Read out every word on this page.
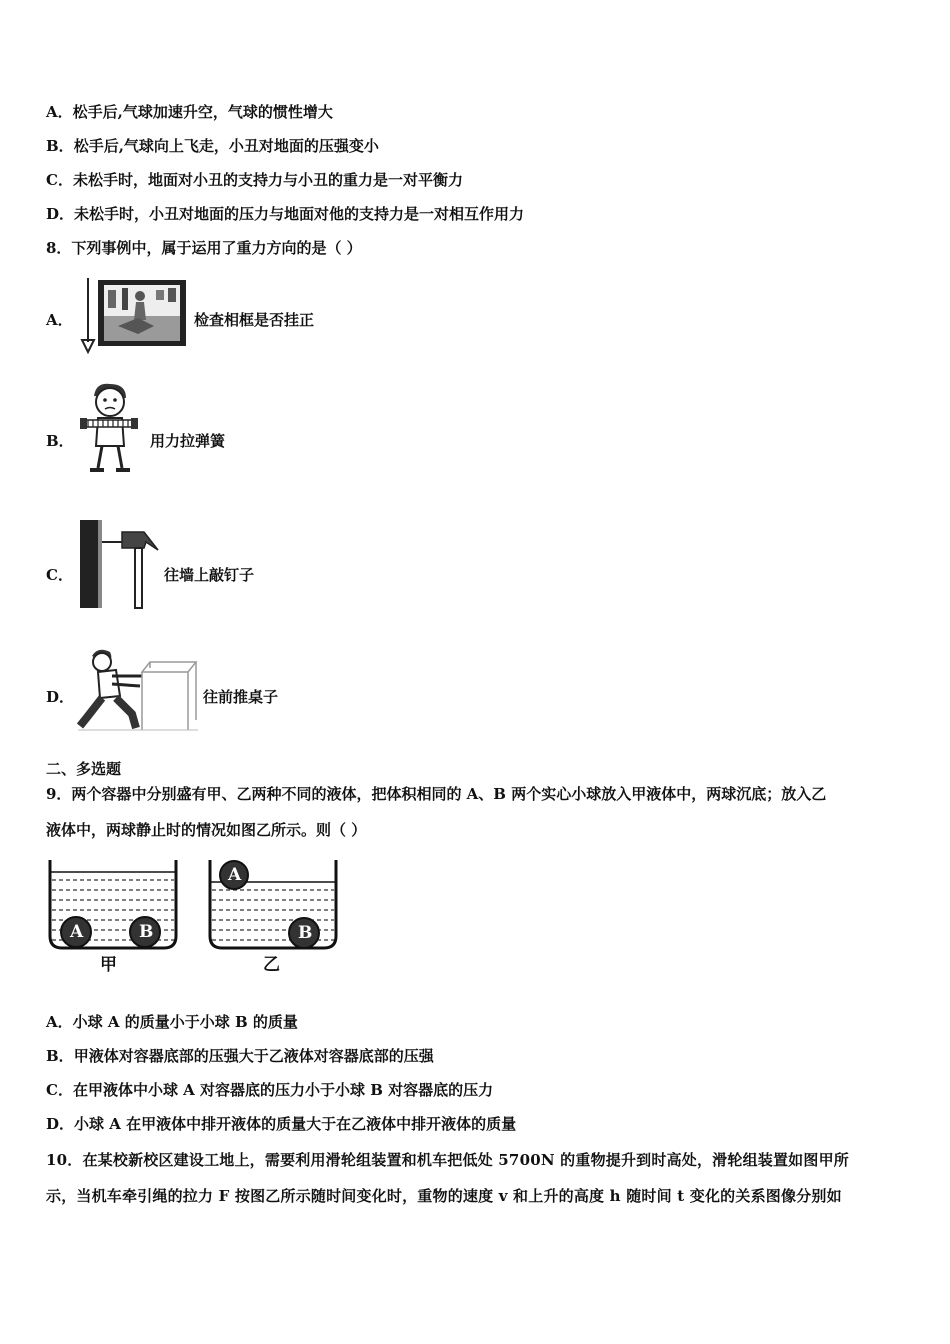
A．松手后,气球加速升空，气球的惯性增大
B．松手后,气球向上飞走，小丑对地面的压强变小
C．未松手时，地面对小丑的支持力与小丑的重力是一对平衡力
D．未松手时，小丑对地面的压力与地面对他的支持力是一对相互作用力
8．下列事例中，属于运用了重力方向的是（ ）
A．	检查相框是否挂正
B．	用力拉弹簧
C．	往墙上敲钉子
D．	往前推桌子
二、多选题
9．两个容器中分别盛有甲、乙两种不同的液体，把体积相同的 A、B 两个实心小球放入甲液体中，两球沉底；放入乙
液体中，两球静止时的情况如图乙所示。则（ ）
A	B
甲
A
B
乙
A．小球 A 的质量小于小球 B 的质量
B．甲液体对容器底部的压强大于乙液体对容器底部的压强
C．在甲液体中小球 A 对容器底的压力小于小球 B 对容器底的压力
D．小球 A 在甲液体中排开液体的质量大于在乙液体中排开液体的质量
10．在某校新校区建设工地上，需要利用滑轮组装置和机车把低处 5700N 的重物提升到时高处，滑轮组装置如图甲所
示，当机车牵引绳的拉力 F 按图乙所示随时间变化时，重物的速度 v 和上升的高度 h 随时间 t 变化的关系图像分别如
